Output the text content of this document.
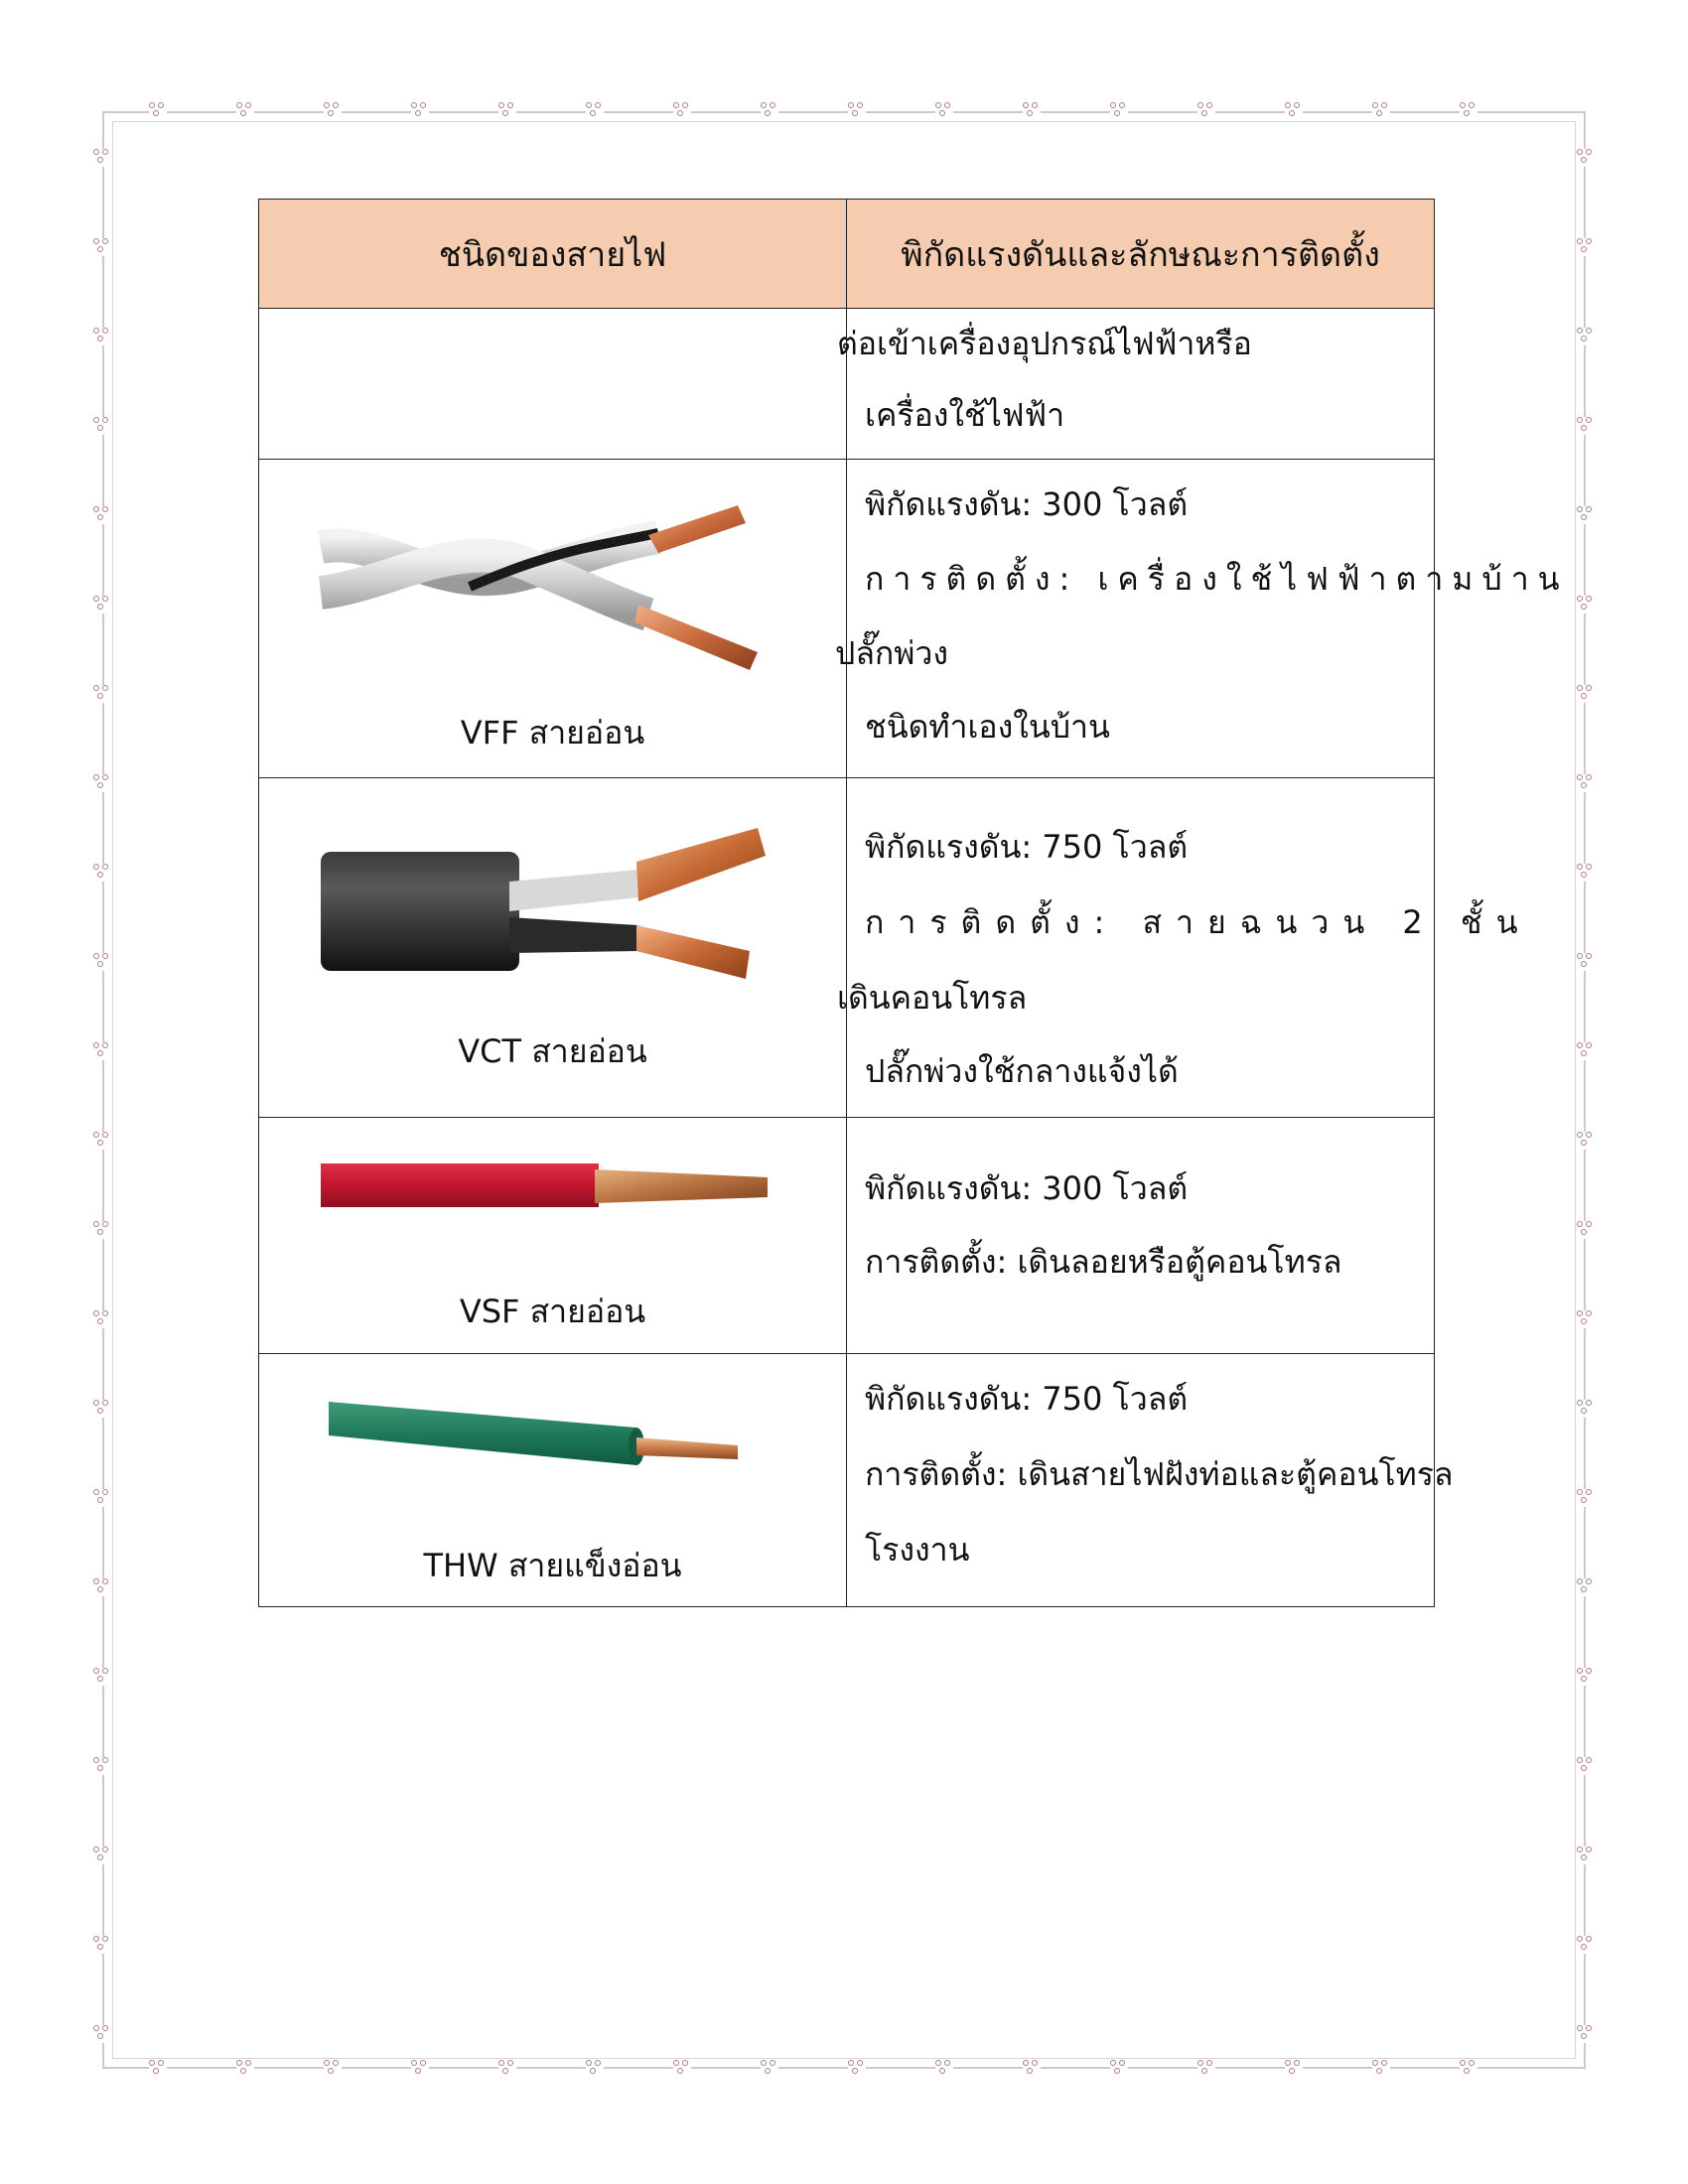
ชนิดของสายไฟ	พิกัดแรงดันและลักษณะการติดตั้ง

	ต่อเข้าเครื่องอุปกรณ์ไฟฟ้าหรือ
เครื่องใช้ไฟฟ้า

VFF สายอ่อน	พิกัดแรงดัน: 300 โวลต์
การติดตั้ง: เครื่องใช้ไฟฟ้าตามบ้าน
ปลั๊กพ่วง
ชนิดทำเองในบ้าน

VCT สายอ่อน	พิกัดแรงดัน: 750 โวลต์
การติดตั้ง: สายฉนวน 2 ชั้น
เดินคอนโทรล
ปลั๊กพ่วงใช้กลางแจ้งได้

VSF สายอ่อน	พิกัดแรงดัน: 300 โวลต์
การติดตั้ง: เดินลอยหรือตู้คอนโทรล

THW สายแข็งอ่อน	พิกัดแรงดัน: 750 โวลต์
การติดตั้ง: เดินสายไฟฝังท่อและตู้คอนโทรล
โรงงาน
